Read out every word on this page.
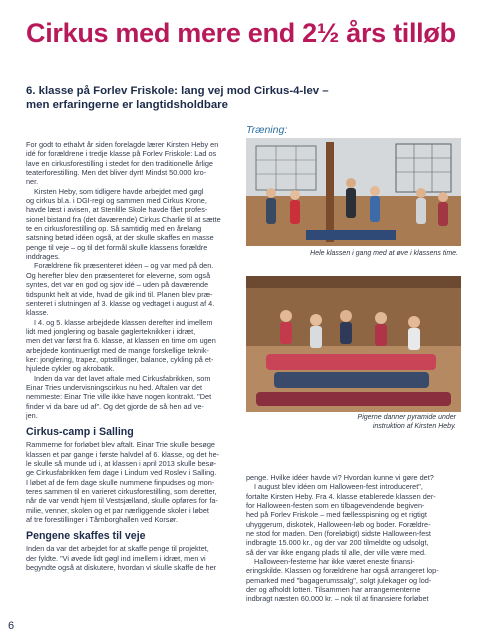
Cirkus med mere end 2½ års tilløb
6. klasse på Forlev Friskole: lang vej mod Cirkus-4-lev – men erfaringerne er langtidsholdbare

For godt to ethalvt år siden forelagde lærer Kirsten Heby en

idé for forældrene i tredje klasse på Forlev Friskole: Lad os

lave en cirkusforestilling i stedet for den traditionelle årlige

teaterforestilling. Men det bliver dyrt! Mindst 50.000 kro-

ner.

Kirsten Heby, som tidligere havde arbejdet med gøgl

og cirkus bl.a. i DGI-regi og sammen med Cirkus Krone,

havde læst i avisen, at Stenlille Skole havde fået profes-

sionel bistand fra (det daværende) Cirkus Charlie til at sætte

te en cirkusforestilling op. Så samtidig med en årelang

satsning betød idéen også, at der skulle skaffes en masse

penge til veje – og til det formål skulle klassens forældre

inddrages.

Forældrene fik præsenteret idéen – og var med på den.

Og herefter blev den præsenteret for eleverne, som også

syntes, det var en god og sjov idé – uden på daværende

tidspunkt helt at vide, hvad de gik ind til. Planen blev præ-

senteret i slutningen af 3. klasse og vedtaget i august af 4.

klasse.

I 4. og 5. klasse arbejdede klassen derefter ind imellem

lidt med jonglering og basale gøglerteknikker i idræt,

men det var først fra 6. klasse, at klassen en time om ugen

arbejdede kontinuerligt med de mange forskellige teknik-

ker: jonglering, trapez, optstillinger, balance, cykling på et-

hjulede cykler og akrobatik.

Inden da var det lavet aftale med Cirkusfabrikken, som

Einar Tries undervisningscirkus nu hed. Aftalen var det

nemmeste: Einar Trie ville ikke have nogen kontrakt. "Det

finder vi da bare ud af". Og det gjorde de så hen ad ve-

jen.

Cirkus-camp i Salling

Rammerne for forløbet blev aftalt. Einar Trie skulle besøge

klassen et par gange i første halvdel af 6. klasse, og det he-

le skulle så munde ud i, at klassen i april 2013 skulle besø-

ge Cirkusfabrikken fem dage i Lindum ved Roslev i Salling.

I løbet af de fem dage skulle nummene finpudses og mon-

teres sammen til en varieret cirkusforestilling, som deretter,

når de var vendt hjem til Vestsjælland, skulle opføres for fa-

milie, venner, skolen og et par nærliggende skoler i løbet

af tre forestillinger i Tårnborghallen ved Korsør.

Pengene skaffes til veje

Inden da var det arbejdet for at skaffe penge til projektet,

der fyldte. "Vi øvede lidt gøgl ind imellem i idræt, men vi

begyndte også at diskutere, hvordan vi skulle skaffe de her

Træning:
Hele klassen i gang med at øve i klassens time.
Pigerne danner pyramide under
instruktion af Kirsten Heby.

penge. Hvilke idéer havde vi? Hvordan kunne vi gøre det?

I august blev idéen om Halloween-fest introduceret",

fortalte Kirsten Heby. Fra 4. klasse etablerede klassen der-

for Halloween-festen som en tilbagevendende begiven-

hed på Forlev Friskole – med fællesspisning og et rigtigt

uhyggerum, diskotek, Halloween-løb og boder. Forældre-

ne stod for maden. Den (foreløbigt) sidste Halloween-fest

indbragte 15.000 kr., og der var 200 tilmeldte og udsolgt,

så der var ikke engang plads til alle, der ville være med.

Halloween-festerne har ikke været eneste finansi-

eringskilde. Klassen og forældrene har også arrangeret lop-

pemarked med "bagagerumssalg", solgt julekager og lod-

der og afholdt lotteri. Tilsammen har arrangementerne

indbragt næsten 60.000 kr. – nok til at finansiere forløbet

6
